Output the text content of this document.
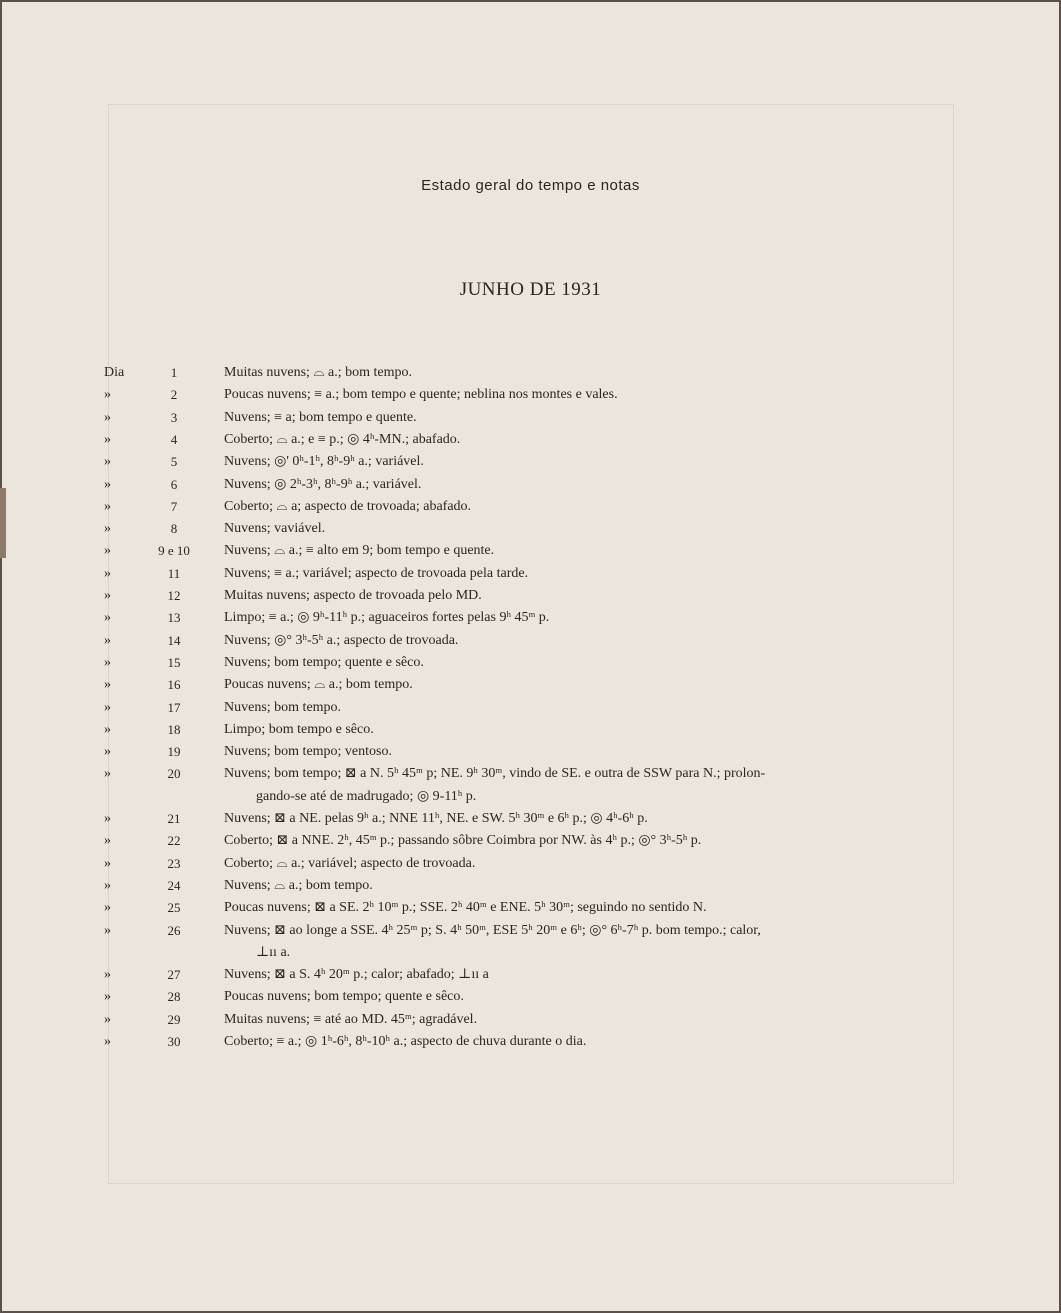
Estado geral do tempo e notas
JUNHO DE 1931
Dia	1	Muitas nuvens; ⌓ a.; bom tempo.
»	2	Poucas nuvens; ≡ a.; bom tempo e quente; neblina nos montes e vales.
»	3	Nuvens; ≡ a; bom tempo e quente.
»	4	Coberto; ⌓ a.; e ≡ p.; ◎ 4ʰ-MN.; abafado.
»	5	Nuvens; ◎' 0ʰ-1ʰ, 8ʰ-9ʰ a.; variável.
»	6	Nuvens; ◎ 2ʰ-3ʰ, 8ʰ-9ʰ a.; variável.
»	7	Coberto; ⌓ a; aspecto de trovoada; abafado.
»	8	Nuvens; vaviável.
»	9 e 10	Nuvens; ⌓ a.; ≡ alto em 9; bom tempo e quente.
»	11	Nuvens; ≡ a.; variável; aspecto de trovoada pela tarde.
»	12	Muitas nuvens; aspecto de trovoada pelo MD.
»	13	Limpo; ≡ a.; ◎ 9ʰ-11ʰ p.; aguaceiros fortes pelas 9ʰ 45ᵐ p.
»	14	Nuvens; ◎° 3ʰ-5ʰ a.; aspecto de trovoada.
»	15	Nuvens; bom tempo; quente e sêco.
»	16	Poucas nuvens; ⌓ a.; bom tempo.
»	17	Nuvens; bom tempo.
»	18	Limpo; bom tempo e sêco.
»	19	Nuvens; bom tempo; ventoso.
»	20	Nuvens; bom tempo; ⊠ a N. 5ʰ 45ᵐ p; NE. 9ʰ 30ᵐ, vindo de SE. e outra de SSW para N.; prolon-
gando-se até de madrugado; ◎ 9-11ʰ p.
»	21	Nuvens; ⊠ a NE. pelas 9ʰ a.; NNE 11ʰ, NE. e SW. 5ʰ 30ᵐ e 6ʰ p.; ◎ 4ʰ-6ʰ p.
»	22	Coberto; ⊠ a NNE. 2ʰ, 45ᵐ p.; passando sôbre Coimbra por NW. às 4ʰ p.; ◎° 3ʰ-5ʰ p.
»	23	Coberto; ⌓ a.; variável; aspecto de trovoada.
»	24	Nuvens; ⌓ a.; bom tempo.
»	25	Poucas nuvens; ⊠ a SE. 2ʰ 10ᵐ p.; SSE. 2ʰ 40ᵐ e ENE. 5ʰ 30ᵐ; seguindo no sentido N.
»	26	Nuvens; ⊠ ao longe a SSE. 4ʰ 25ᵐ p; S. 4ʰ 50ᵐ, ESE 5ʰ 20ᵐ e 6ʰ; ◎° 6ʰ-7ʰ p. bom tempo.; calor,
⊥ıı a.
»	27	Nuvens; ⊠ a S. 4ʰ 20ᵐ p.; calor; abafado; ⊥ıı a
»	28	Poucas nuvens; bom tempo; quente e sêco.
»	29	Muitas nuvens; ≡ até ao MD. 45ᵐ; agradável.
»	30	Coberto; ≡ a.; ◎ 1ʰ-6ʰ, 8ʰ-10ʰ a.; aspecto de chuva durante o dia.
